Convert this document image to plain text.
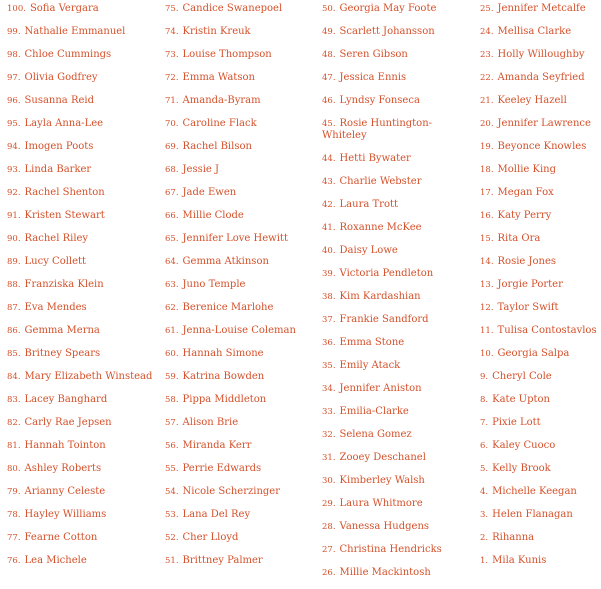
100. Sofia Vergara
99. Nathalie Emmanuel
98. Chloe Cummings
97. Olivia Godfrey
96. Susanna Reid
95. Layla Anna-Lee
94. Imogen Poots
93. Linda Barker
92. Rachel Shenton
91. Kristen Stewart
90. Rachel Riley
89. Lucy Collett
88. Franziska Klein
87. Eva Mendes
86. Gemma Merna
85. Britney Spears
84. Mary Elizabeth Winstead
83. Lacey Banghard
82. Carly Rae Jepsen
81. Hannah Tointon
80. Ashley Roberts
79. Arianny Celeste
78. Hayley Williams
77. Fearne Cotton
76. Lea Michele
75. Candice Swanepoel
74. Kristin Kreuk
73. Louise Thompson
72. Emma Watson
71. Amanda-Byram
70. Caroline Flack
69. Rachel Bilson
68. Jessie J
67. Jade Ewen
66. Millie Clode
65. Jennifer Love Hewitt
64. Gemma Atkinson
63. Juno Temple
62. Berenice Marlohe
61. Jenna-Louise Coleman
60. Hannah Simone
59. Katrina Bowden
58. Pippa Middleton
57. Alison Brie
56. Miranda Kerr
55. Perrie Edwards
54. Nicole Scherzinger
53. Lana Del Rey
52. Cher Lloyd
51. Brittney Palmer
50. Georgia May Foote
49. Scarlett Johansson
48. Seren Gibson
47. Jessica Ennis
46. Lyndsy Fonseca
45. Rosie Huntington-Whiteley
44. Hetti Bywater
43. Charlie Webster
42. Laura Trott
41. Roxanne McKee
40. Daisy Lowe
39. Victoria Pendleton
38. Kim Kardashian
37. Frankie Sandford
36. Emma Stone
35. Emily Atack
34. Jennifer Aniston
33. Emilia-Clarke
32. Selena Gomez
31. Zooey Deschanel
30. Kimberley Walsh
29. Laura Whitmore
28. Vanessa Hudgens
27. Christina Hendricks
26. Millie Mackintosh
25. Jennifer Metcalfe
24. Mellisa Clarke
23. Holly Willoughby
22. Amanda Seyfried
21. Keeley Hazell
20. Jennifer Lawrence
19. Beyonce Knowles
18. Mollie King
17. Megan Fox
16. Katy Perry
15. Rita Ora
14. Rosie Jones
13. Jorgie Porter
12. Taylor Swift
11. Tulisa Contostavlos
10. Georgia Salpa
9. Cheryl Cole
8. Kate Upton
7. Pixie Lott
6. Kaley Cuoco
5. Kelly Brook
4. Michelle Keegan
3. Helen Flanagan
2. Rihanna
1. Mila Kunis
